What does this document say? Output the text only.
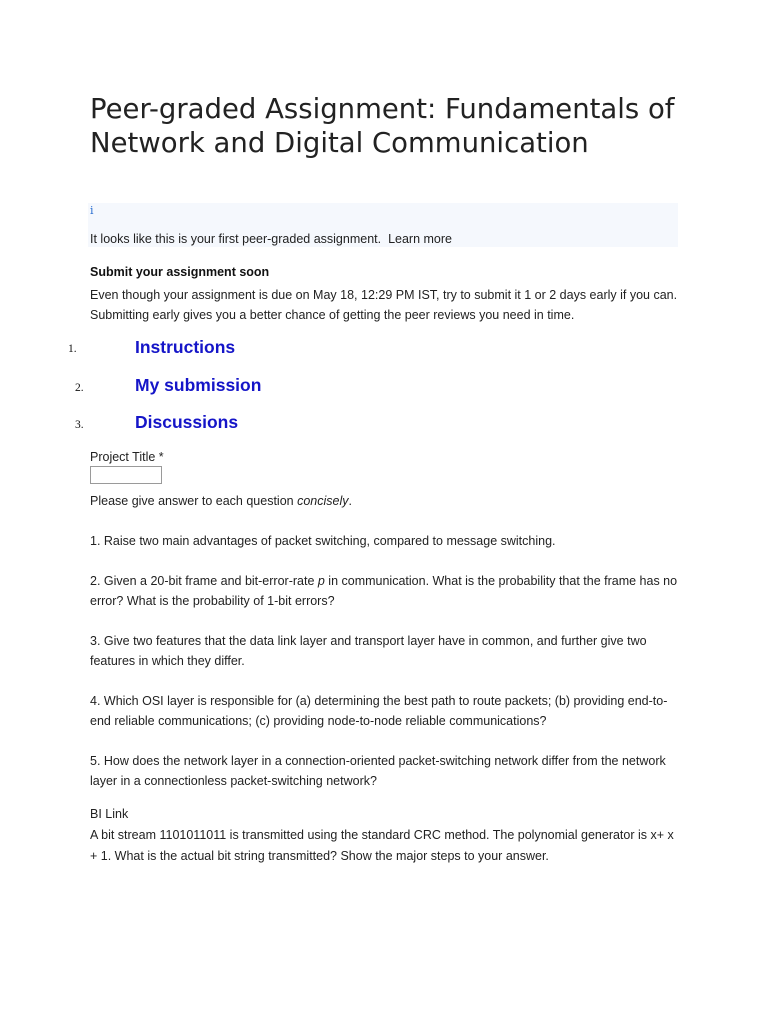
Peer-graded Assignment: Fundamentals of Network and Digital Communication
i
It looks like this is your first peer-graded assignment. Learn more
Submit your assignment soon
Even though your assignment is due on May 18, 12:29 PM IST, try to submit it 1 or 2 days early if you can. Submitting early gives you a better chance of getting the peer reviews you need in time.
1.	Instructions
2.	My submission
3.	Discussions
Project Title *

Please give answer to each question concisely.

1. Raise two main advantages of packet switching, compared to message switching.

2. Given a 20-bit frame and bit-error-rate p in communication. What is the probability that the frame has no error? What is the probability of 1-bit errors?

3. Give two features that the data link layer and transport layer have in common, and further give two features in which they differ.

4. Which OSI layer is responsible for (a) determining the best path to route packets; (b) providing end-to-end reliable communications; (c) providing node-to-node reliable communications?

5. How does the network layer in a connection-oriented packet-switching network differ from the network layer in a connectionless packet-switching network?

BI Link

A bit stream 1101011011 is transmitted using the standard CRC method. The polynomial generator is x+ x + 1. What is the actual bit string transmitted? Show the major steps to your answer.
